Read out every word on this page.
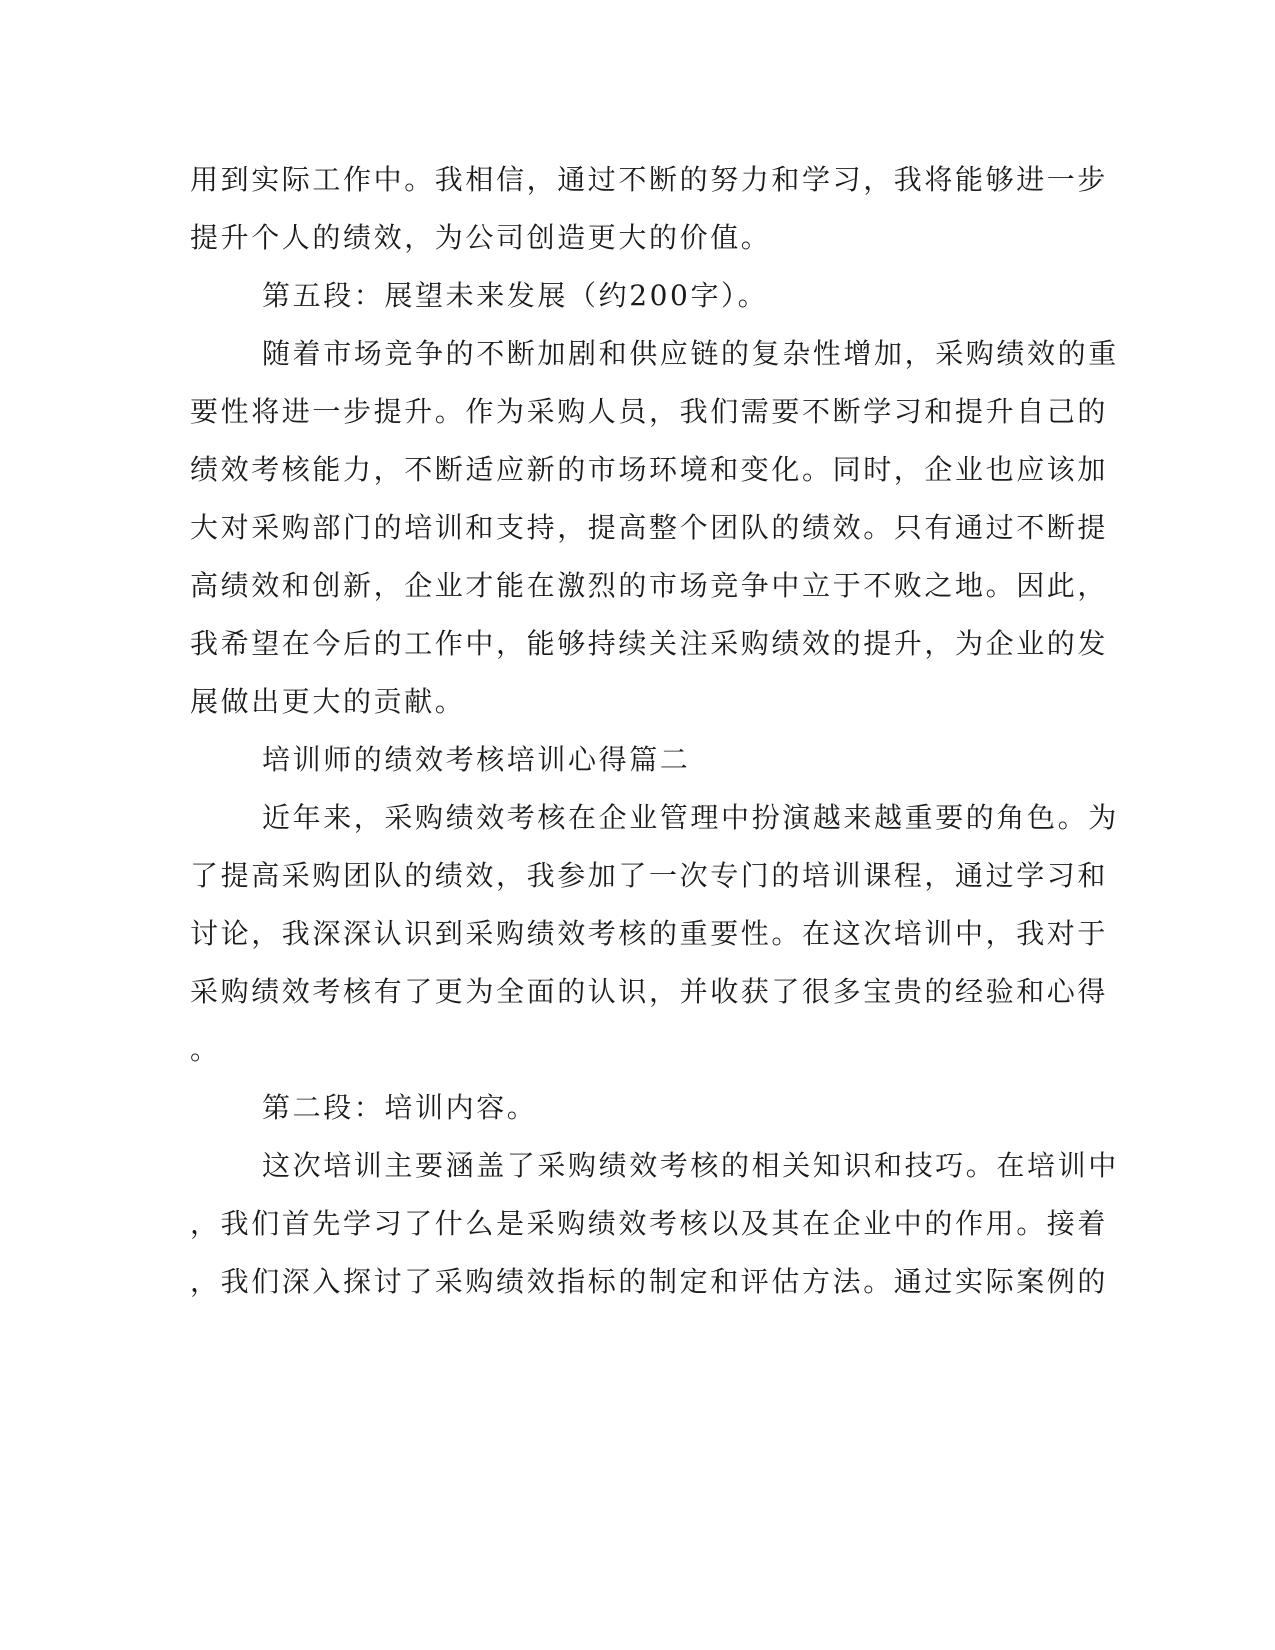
用到实际工作中。我相信，通过不断的努力和学习，我将能够进一步

提升个人的绩效，为公司创造更大的价值。

第五段：展望未来发展（约200字）。

随着市场竞争的不断加剧和供应链的复杂性增加，采购绩效的重

要性将进一步提升。作为采购人员，我们需要不断学习和提升自己的

绩效考核能力，不断适应新的市场环境和变化。同时，企业也应该加

大对采购部门的培训和支持，提高整个团队的绩效。只有通过不断提

高绩效和创新，企业才能在激烈的市场竞争中立于不败之地。因此，

我希望在今后的工作中，能够持续关注采购绩效的提升，为企业的发

展做出更大的贡献。

培训师的绩效考核培训心得篇二

近年来，采购绩效考核在企业管理中扮演越来越重要的角色。为

了提高采购团队的绩效，我参加了一次专门的培训课程，通过学习和

讨论，我深深认识到采购绩效考核的重要性。在这次培训中，我对于

采购绩效考核有了更为全面的认识，并收获了很多宝贵的经验和心得

。

第二段：培训内容。

这次培训主要涵盖了采购绩效考核的相关知识和技巧。在培训中

，我们首先学习了什么是采购绩效考核以及其在企业中的作用。接着

，我们深入探讨了采购绩效指标的制定和评估方法。通过实际案例的
